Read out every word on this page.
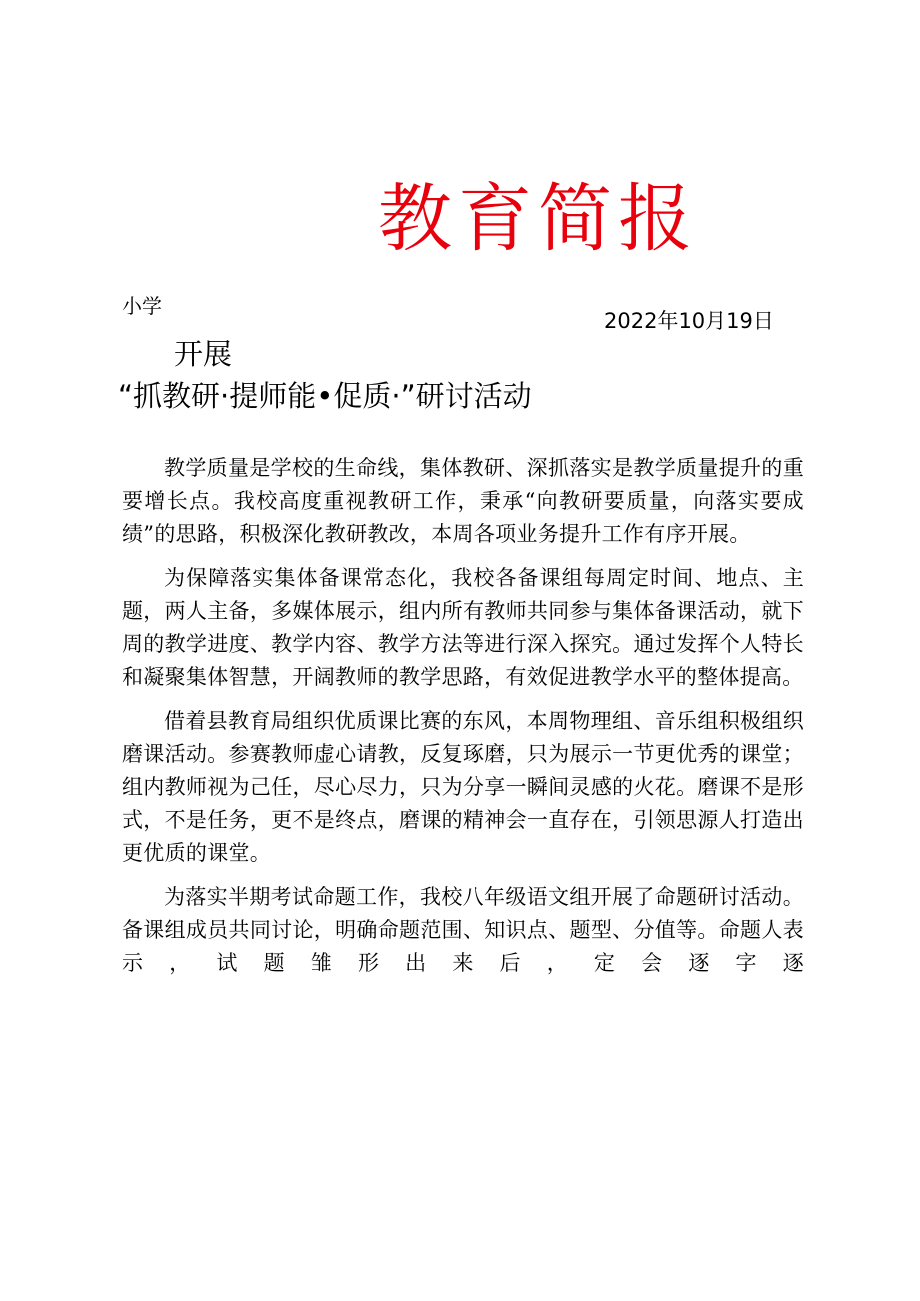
教育简报
小学
2022年10月19日
开展
“抓教研·提师能•促质·”研讨活动

教学质量是学校的生命线，集体教研、深抓落实是教学质量提升的重要增长点。我校高度重视教研工作，秉承“向教研要质量，向落实要成绩”的思路，积极深化教研教改，本周各项业务提升工作有序开展。

为保障落实集体备课常态化，我校各备课组每周定时间、地点、主题，两人主备，多媒体展示，组内所有教师共同参与集体备课活动，就下周的教学进度、教学内容、教学方法等进行深入探究。通过发挥个人特长和凝聚集体智慧，开阔教师的教学思路，有效促进教学水平的整体提高。

借着县教育局组织优质课比赛的东风，本周物理组、音乐组积极组织磨课活动。参赛教师虚心请教，反复琢磨，只为展示一节更优秀的课堂；组内教师视为己任，尽心尽力，只为分享一瞬间灵感的火花。磨课不是形式，不是任务，更不是终点，磨课的精神会一直存在，引领思源人打造出更优质的课堂。

为落实半期考试命题工作，我校八年级语文组开展了命题研讨活动。备课组成员共同讨论，明确命题范围、知识点、题型、分值等。命题人表示，试题雏形出来后，定会逐字逐
